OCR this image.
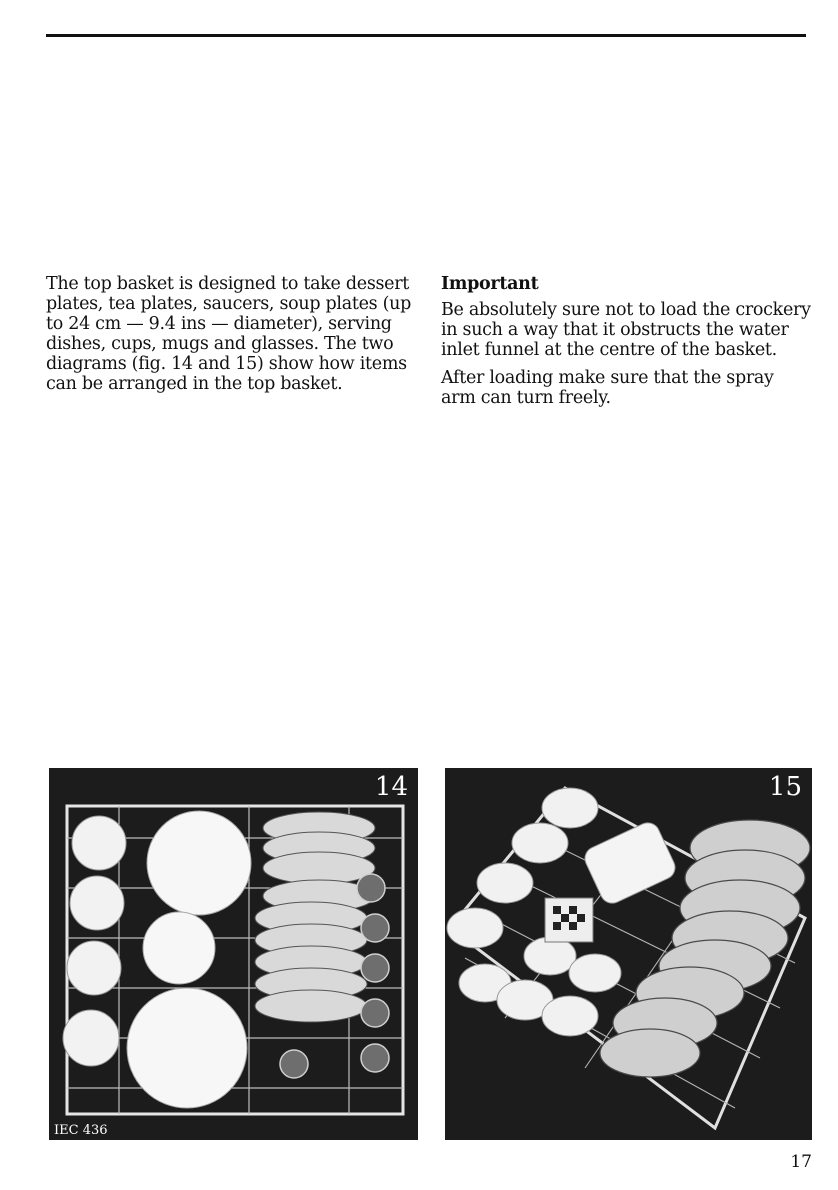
The top basket is designed to take dessert plates, tea plates, saucers, soup plates (up to 24 cm — 9.4 ins — diameter), serving dishes, cups, mugs and glasses. The two diagrams (fig. 14 and 15) show how items can be arranged in the top basket.

Important

Be absolutely sure not to load the crockery in such a way that it obstructs the water inlet funnel at the centre of the basket.

After loading make sure that the spray arm can turn freely.

14
IEC 436
15
17
